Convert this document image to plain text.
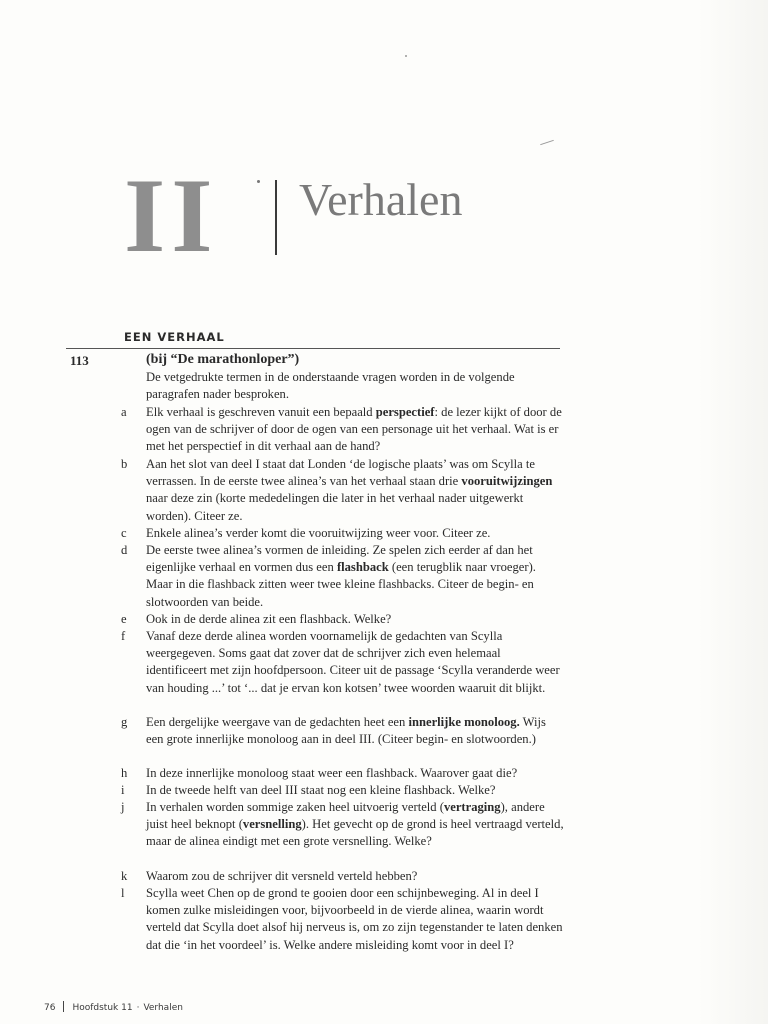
II Verhalen
EEN VERHAAL
113	(bij “De marathonloper”)
De vetgedrukte termen in de onderstaande vragen worden in de volgende paragrafen nader besproken.
a	Elk verhaal is geschreven vanuit een bepaald perspectief: de lezer kijkt of door de ogen van de schrijver of door de ogen van een personage uit het verhaal. Wat is er met het perspectief in dit verhaal aan de hand?
b Aan het slot van deel I staat dat Londen ‘de logische plaats’ was om Scylla te verrassen. In de eerste twee alinea’s van het verhaal staan drie vooruitwijzingen naar deze zin (korte mededelingen die later in het verhaal nader uitgewerkt worden). Citeer ze.
c	Enkele alinea’s verder komt die vooruitwijzing weer voor. Citeer ze.
d De eerste twee alinea’s vormen de inleiding. Ze spelen zich eerder af dan het eigenlijke verhaal en vormen dus een flashback (een terugblik naar vroeger). Maar in die flashback zitten weer twee kleine flashbacks. Citeer de begin- en slotwoorden van beide.
e	Ook in de derde alinea zit een flashback. Welke?
f	Vanaf deze derde alinea worden voornamelijk de gedachten van Scylla weergegeven. Soms gaat dat zover dat de schrijver zich even helemaal identificeert met zijn hoofdpersoon. Citeer uit de passage ‘Scylla veranderde weer van houding ...’ tot ‘... dat je ervan kon kotsen’ twee woorden waaruit dit blijkt.
g Een dergelijke weergave van de gedachten heet een innerlijke monoloog. Wijs een grote innerlijke monoloog aan in deel III. (Citeer begin- en slotwoorden.)
h In deze innerlijke monoloog staat weer een flashback. Waarover gaat die?
i	In de tweede helft van deel III staat nog een kleine flashback. Welke?
j	In verhalen worden sommige zaken heel uitvoerig verteld (vertraging), andere juist heel beknopt (versnelling). Het gevecht op de grond is heel vertraagd verteld, maar de alinea eindigt met een grote versnelling. Welke?
k Waarom zou de schrijver dit versneld verteld hebben?
l	Scylla weet Chen op de grond te gooien door een schijnbeweging. Al in deel I komen zulke misleidingen voor, bijvoorbeeld in de vierde alinea, waarin wordt verteld dat Scylla doet alsof hij nerveus is, om zo zijn tegenstander te laten denken dat die ‘in het voordeel’ is. Welke andere misleiding komt voor in deel I?
76 Hoofdstuk 11 · Verhalen
